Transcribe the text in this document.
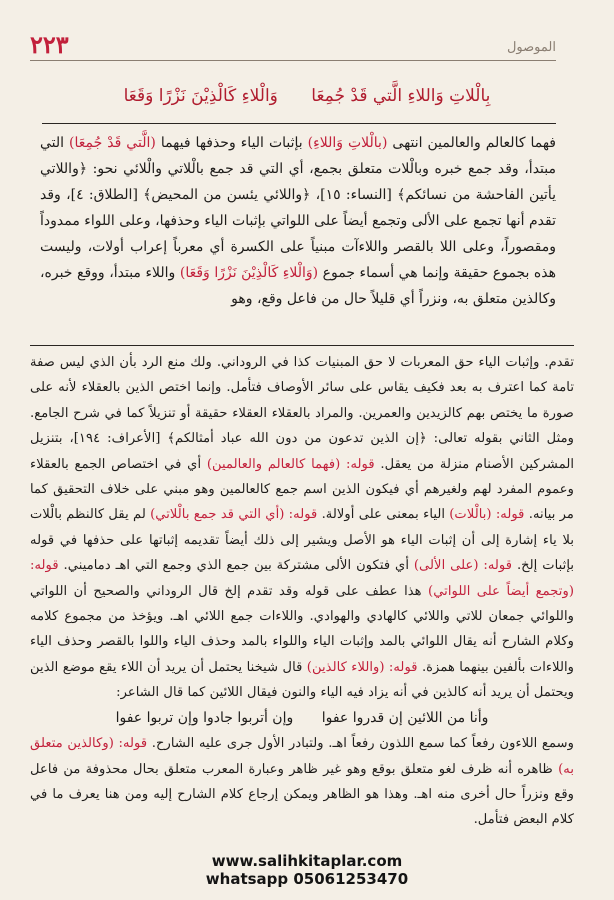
٢٢٣	الموصول
بِالْلاتِ وَاللاءِ الَّتي قَدْ جُمِعَا وَالْلاءِ كَالْذِيْنَ نَزْرًا وَقَعَا

فهما كالعالم والعالمين انتهى (بالْلاتِ وَاللاءِ) بإثبات الياء وحذفها فيهما (الَّتي قَدْ جُمِعَا) التي مبتدأ، وقد جمع خبره وبالْلات متعلق بجمع، أي التي قد جمع بالْلاتي والْلائي نحو: ﴿واللاتي يأتين الفاحشة من نسائكم﴾ [النساء: ١٥]، ﴿واللائي يئسن من المحيض﴾ [الطلاق: ٤]، وقد تقدم أنها تجمع على الألى وتجمع أيضاً على اللواتي بإثبات الياء وحذفها، وعلى اللواء ممدوداً ومقصوراً، وعلى اللا بالقصر واللاءآت مبنياً على الكسرة أي معرباً إعراب أولات، وليست هذه بجموع حقيقة وإنما هي أسماء جموع (وَالْلاءِ كَالْذِيْنَ نَزْرًا وَقَعَا) واللاء مبتدأ، ووقع خبره، وكالذين متعلق به، ونزراً أي قليلاً حال من فاعل وقع، وهو

تقدم. وإثبات الياء حق المعربات لا حق المبنيات كذا في الروداني. ولك منع الرد بأن الذي ليس صفة تامة كما اعترف به بعد فكيف يقاس على سائر الأوصاف فتأمل. وإنما اختص الذين بالعقلاء لأنه على صورة ما يختص بهم كالزيدين والعمرين. والمراد بالعقلاء العقلاء حقيقة أو تنزيلاً كما في شرح الجامع. ومثل الثاني بقوله تعالى: ﴿إن الذين تدعون من دون الله عباد أمثالكم﴾ [الأعراف: ١٩٤]، بتنزيل المشركين الأصنام منزلة من يعقل. قوله: (فهما كالعالم والعالمين) أي في اختصاص الجمع بالعقلاء وعموم المفرد لهم ولغيرهم أي فيكون الذين اسم جمع كالعالمين وهو مبني على خلاف التحقيق كما مر بيانه. قوله: (بالْلات) الياء بمعنى على أولالة. قوله: (أي التي قد جمع بالْلاتي) لم يقل كالنظم بالْلات بلا ياء إشارة إلى أن إثبات الياء هو الأصل ويشير إلى ذلك أيضاً تقديمه إثباتها على حذفها في قوله بإثبات إلخ. قوله: (على الألى) أي فتكون الألى مشتركة بين جمع الذي وجمع التي اهـ دماميني. قوله: (وتجمع أيضاً على اللواتي) هذا عطف على قوله وقد تقدم إلخ قال الروداني والصحيح أن اللواتي واللوائي جمعان للاتي واللائي كالهادي والهوادي. واللاءات جمع اللائي اهـ. ويؤخذ من مجموع كلامه وكلام الشارح أنه يقال اللوائي بالمد وإثبات الياء واللواء بالمد وحذف الياء واللوا بالقصر وحذف الياء واللاءات بألفين بينهما همزة. قوله: (واللاء كالذين) قال شيخنا يحتمل أن يريد أن اللاء يقع موضع الذين ويحتمل أن يريد أنه كالذين في أنه يزاد فيه الياء والنون فيقال اللائين كما قال الشاعر:

وأنا من اللائين إن قدروا عفوا وإن أتربوا جادوا وإن تربوا عفوا

وسمع اللاءون رفعاً كما سمع اللذون رفعاً اهـ. ولتبادر الأول جرى عليه الشارح. قوله: (وكالذين متعلق به) ظاهره أنه ظرف لغو متعلق بوقع وهو غير ظاهر وعبارة المعرب متعلق بحال محذوفة من فاعل وقع ونزراً حال أخرى منه اهـ. وهذا هو الظاهر ويمكن إرجاع كلام الشارح إليه ومن هنا يعرف ما في كلام البعض فتأمل.

www.salihkitaplar.com
whatsapp 05061253470
